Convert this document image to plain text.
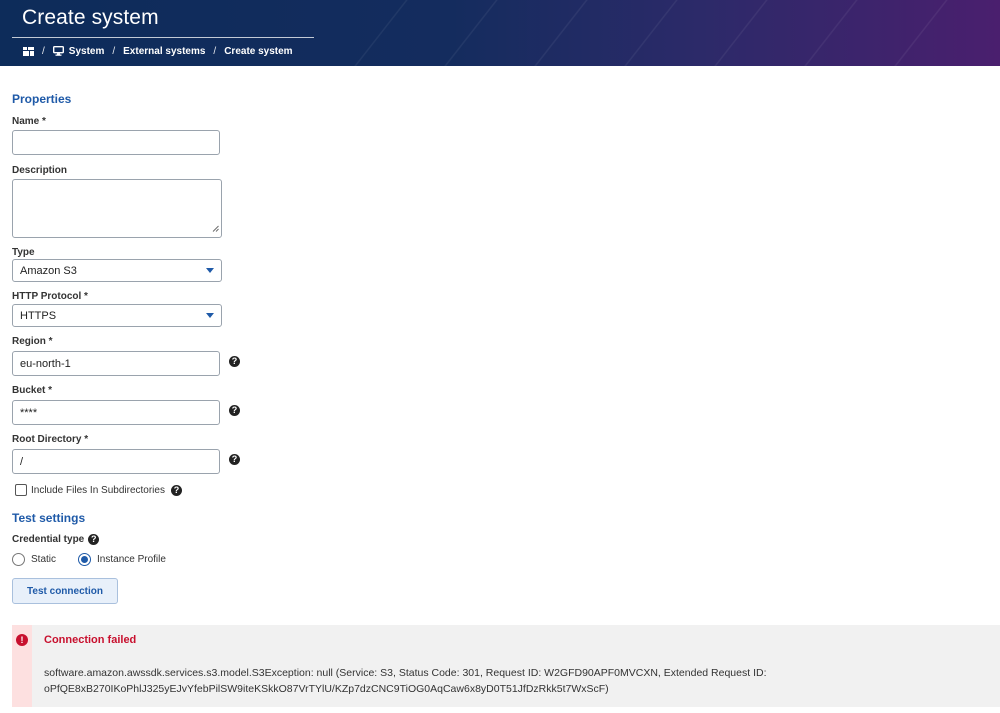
Create system
/ System / External systems / Create system
Properties
Name *
Description
Type
Amazon S3
HTTP Protocol *
HTTPS
Region *
eu-north-1	?
Bucket *
****	?
Root Directory *
/	?
Include Files In Subdirectories ?
Test settings
Credential type ?
Static	Instance Profile
Test connection
!	Connection failed
software.amazon.awssdk.services.s3.model.S3Exception: null (Service: S3, Status Code: 301, Request ID: W2GFD90APF0MVCXN, Extended Request ID: oPfQE8xB270IKoPhlJ325yEJvYfebPilSW9iteKSkkO87VrTYlU/KZp7dzCNC9TiOG0AqCaw6x8yD0T51JfDzRkk5t7WxScF)
